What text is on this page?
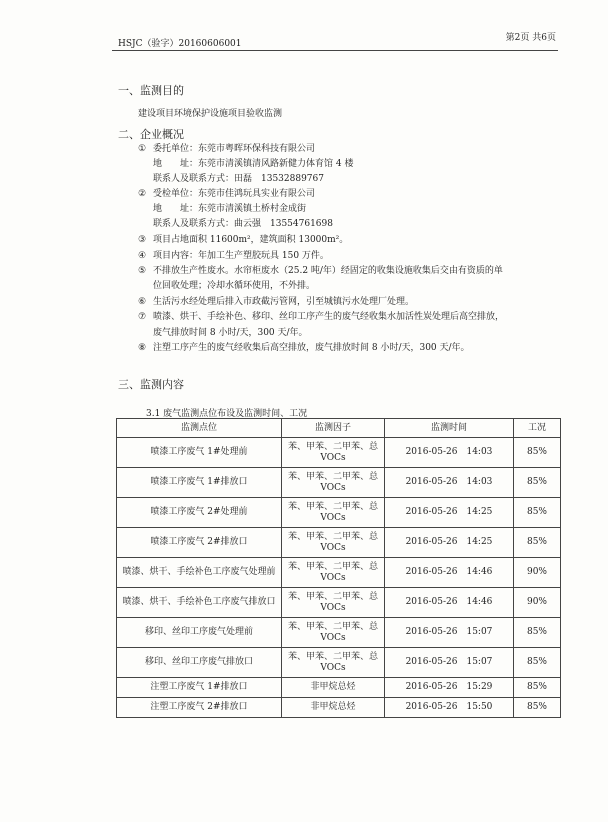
HSJC（验字）20160606001
第2页 共6页
一、监测目的
建设项目环境保护设施项目验收监测
二、企业概况
① 委托单位：东莞市粤晖环保科技有限公司
地　　址：东莞市清溪镇清风路新健力体育馆 4 楼
联系人及联系方式：田磊　13532889767
② 受检单位：东莞市佳鸿玩具实业有限公司
地　　址：东莞市清溪镇土桥村金成街
联系人及联系方式：曲云强　13554761698
③ 项目占地面积 11600m²，建筑面积 13000m²。
④ 项目内容：年加工生产塑胶玩具 150 万件。
⑤ 不排放生产性废水。水帘柜废水（25.2 吨/年）经固定的收集设施收集后交由有资质的单
位回收处理；冷却水循环使用，不外排。
⑥ 生活污水经处理后排入市政截污管网，引至城镇污水处理厂处理。
⑦ 喷漆、烘干、手绘补色、移印、丝印工序产生的废气经收集水加活性炭处理后高空排放，
废气排放时间 8 小时/天，300 天/年。
⑧ 注塑工序产生的废气经收集后高空排放，废气排放时间 8 小时/天，300 天/年。
三、监测内容
3.1 废气监测点位布设及监测时间、工况
监测点位	监测因子	监测时间	工况
喷漆工序废气 1#处理前	苯、甲苯、二甲苯、总 VOCs	2016-05-26　14:03	85%
喷漆工序废气 1#排放口	苯、甲苯、二甲苯、总 VOCs	2016-05-26　14:03	85%
喷漆工序废气 2#处理前	苯、甲苯、二甲苯、总 VOCs	2016-05-26　14:25	85%
喷漆工序废气 2#排放口	苯、甲苯、二甲苯、总 VOCs	2016-05-26　14:25	85%
喷漆、烘干、手绘补色工序废气处理前	苯、甲苯、二甲苯、总 VOCs	2016-05-26　14:46	90%
喷漆、烘干、手绘补色工序废气排放口	苯、甲苯、二甲苯、总 VOCs	2016-05-26　14:46	90%
移印、丝印工序废气处理前	苯、甲苯、二甲苯、总 VOCs	2016-05-26　15:07	85%
移印、丝印工序废气排放口	苯、甲苯、二甲苯、总 VOCs	2016-05-26　15:07	85%
注塑工序废气 1#排放口	非甲烷总烃	2016-05-26　15:29	85%
注塑工序废气 2#排放口	非甲烷总烃	2016-05-26　15:50	85%
